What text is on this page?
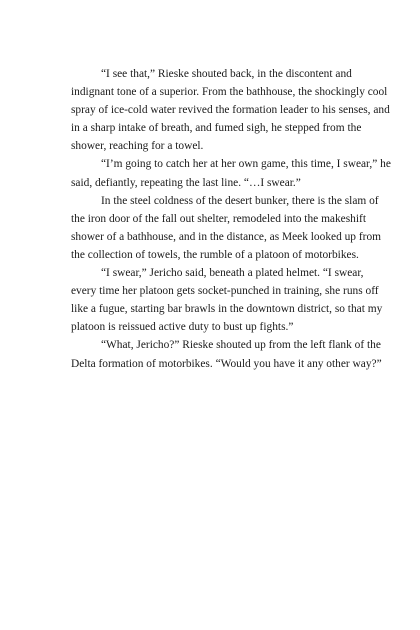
“I see that,” Rieske shouted back, in the discontent and indignant tone of a superior. From the bathhouse, the shockingly cool spray of ice-cold water revived the formation leader to his senses, and in a sharp intake of breath, and fumed sigh, he stepped from the shower, reaching for a towel.

“I’m going to catch her at her own game, this time, I swear,” he said, defiantly, repeating the last line. “…I swear.”

In the steel coldness of the desert bunker, there is the slam of the iron door of the fall out shelter, remodeled into the makeshift shower of a bathhouse, and in the distance, as Meek looked up from the collection of towels, the rumble of a platoon of motorbikes.

“I swear,” Jericho said, beneath a plated helmet. “I swear, every time her platoon gets socket-punched in training, she runs off like a fugue, starting bar brawls in the downtown district, so that my platoon is reissued active duty to bust up fights.”

“What, Jericho?” Rieske shouted up from the left flank of the Delta formation of motorbikes. “Would you have it any other way?”
